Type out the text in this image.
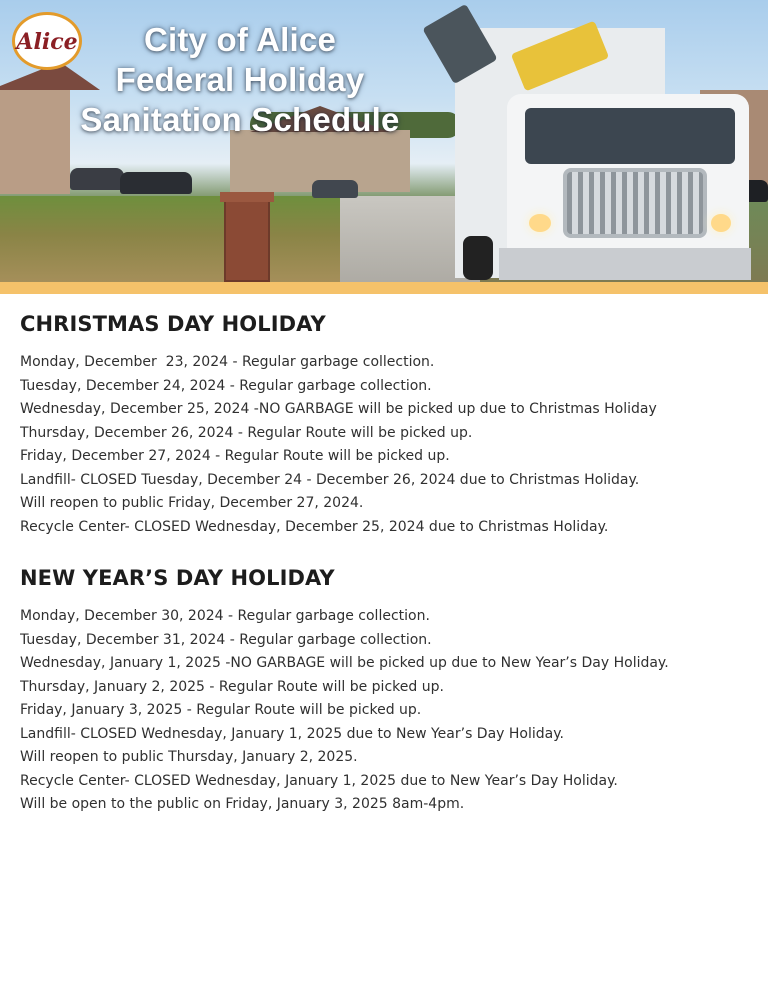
Alice	City of Alice
Federal Holiday
Sanitation Schedule
CHRISTMAS DAY HOLIDAY
Monday, December  23, 2024 - Regular garbage collection.
Tuesday, December 24, 2024 - Regular garbage collection.
Wednesday, December 25, 2024 -NO GARBAGE will be picked up due to Christmas Holiday
Thursday, December 26, 2024 - Regular Route will be picked up.
Friday, December 27, 2024 - Regular Route will be picked up.
Landfill- CLOSED Tuesday, December 24 - December 26, 2024 due to Christmas Holiday.
Will reopen to public Friday, December 27, 2024.
Recycle Center- CLOSED Wednesday, December 25, 2024 due to Christmas Holiday.
NEW YEAR’S DAY HOLIDAY
Monday, December 30, 2024 - Regular garbage collection.
Tuesday, December 31, 2024 - Regular garbage collection.
Wednesday, January 1, 2025 -NO GARBAGE will be picked up due to New Year’s Day Holiday.
Thursday, January 2, 2025 - Regular Route will be picked up.
Friday, January 3, 2025 - Regular Route will be picked up.
Landfill- CLOSED Wednesday, January 1, 2025 due to New Year’s Day Holiday.
Will reopen to public Thursday, January 2, 2025.
Recycle Center- CLOSED Wednesday, January 1, 2025 due to New Year’s Day Holiday.
Will be open to the public on Friday, January 3, 2025 8am-4pm.
